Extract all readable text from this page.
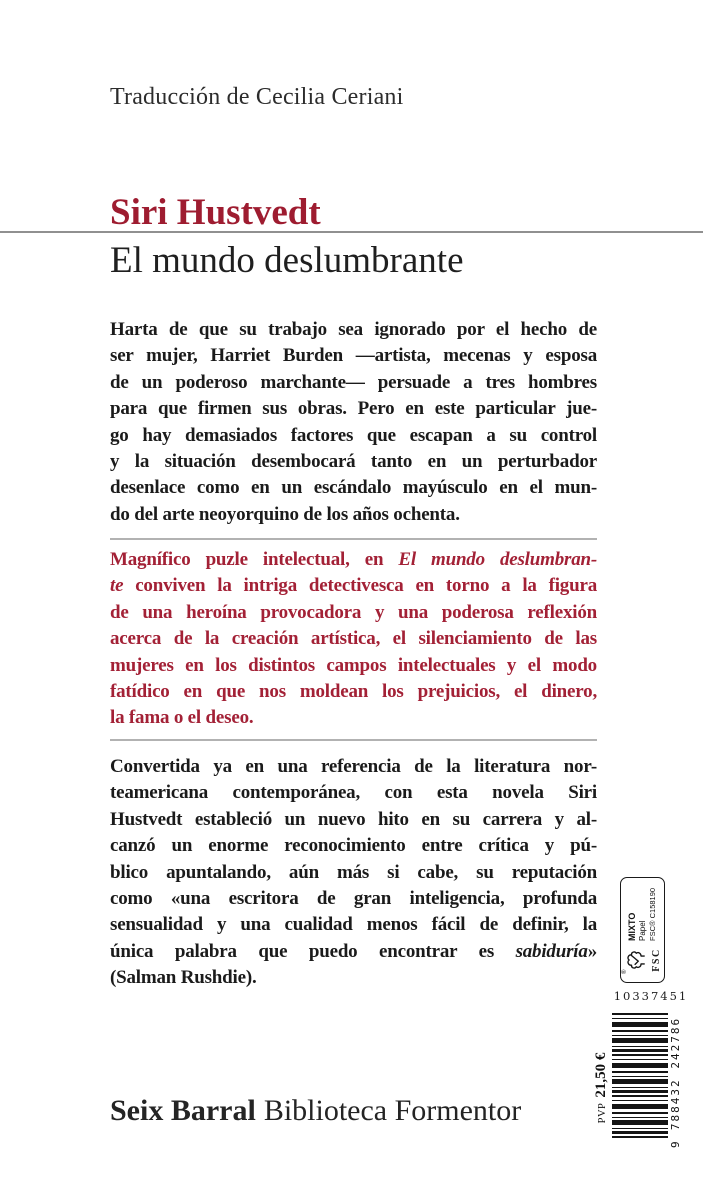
Traducción de Cecilia Ceriani
Siri Hustvedt
El mundo deslumbrante
Harta de que su trabajo sea ignorado por el hecho de
ser mujer, Harriet Burden —artista, mecenas y esposa
de un poderoso marchante— persuade a tres hombres
para que firmen sus obras. Pero en este particular jue-
go hay demasiados factores que escapan a su control
y la situación desembocará tanto en un perturbador
desenlace como en un escándalo mayúsculo en el mun-
do del arte neoyorquino de los años ochenta.
Magnífico puzle intelectual, en El mundo deslumbran-
te conviven la intriga detectivesca en torno a la figura
de una heroína provocadora y una poderosa reflexión
acerca de la creación artística, el silenciamiento de las
mujeres en los distintos campos intelectuales y el modo
fatídico en que nos moldean los prejuicios, el dinero,
la fama o el deseo.
Convertida ya en una referencia de la literatura nor-
teamericana contemporánea, con esta novela Siri
Hustvedt estableció un nuevo hito en su carrera y al-
canzó un enorme reconocimiento entre crítica y pú-
blico apuntalando, aún más si cabe, su reputación
como «una escritora de gran inteligencia, profunda
sensualidad y una cualidad menos fácil de definir, la
única palabra que puedo encontrar es sabiduría»
(Salman Rushdie).
Seix Barral Biblioteca Formentor
®
FSC
MIXTO Papel FSC® C158190
10337451
9
788432
242786
PVP
21,50 €
